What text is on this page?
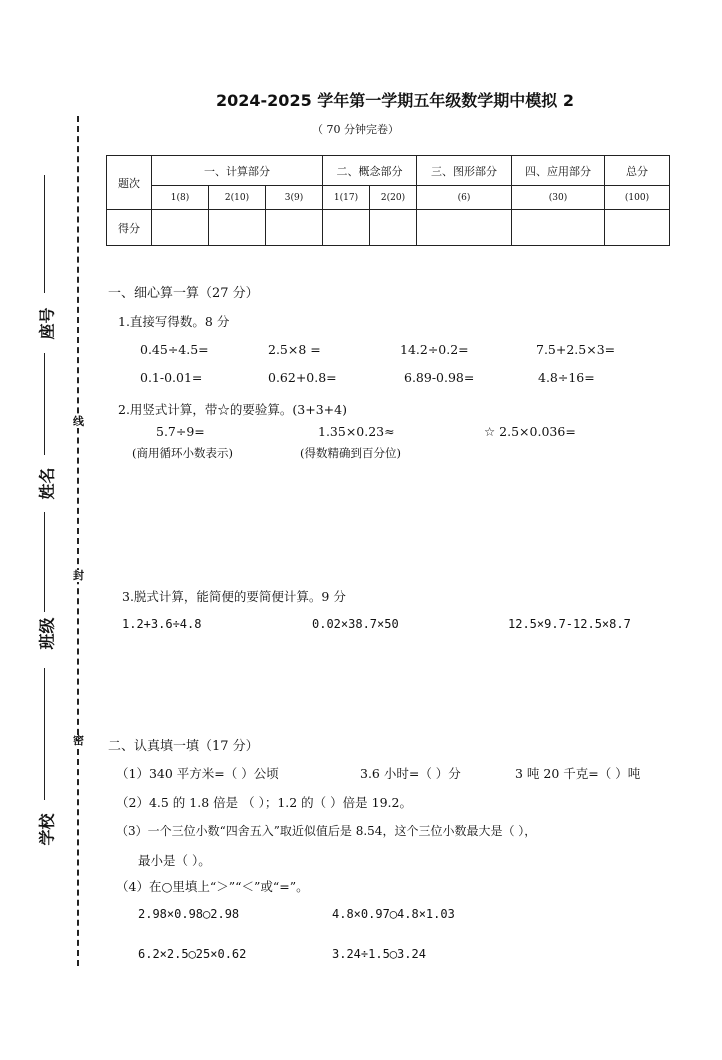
2024-2025 学年第一学期五年级数学期中模拟 2
（ 70 分钟完卷）
线
封
密
座号
姓名
班级
学校
题次	一、计算部分			二、概念部分		三、图形部分	四、应用部分	总分
	1(8)	2(10)	3(9)	1(17)	2(20)	(6)	(30)	(100)
得分								
一、细心算一算（27 分）
1.直接写得数。8 分
0.45÷4.5=	2.5×8 =	14.2÷0.2=	7.5+2.5×3=
0.1-0.01=	0.62+0.8=	6.89-0.98=	4.8÷16=
2.用竖式计算，带☆的要验算。(3+3+4)
5.7÷9=	1.35×0.23≈	☆ 2.5×0.036=
(商用循环小数表示)	(得数精确到百分位)
3.脱式计算，能简便的要简便计算。9 分
1.2+3.6÷4.8	0.02×38.7×50	12.5×9.7-12.5×8.7
二、认真填一填（17 分）
（1）340 平方米=（ ）公顷	3.6 小时=（ ）分	3 吨 20 千克=（ ）吨
（2）4.5 的 1.8 倍是 （ ）；1.2 的（ ）倍是 19.2。
（3）一个三位小数“四舍五入”取近似值后是 8.54，这个三位小数最大是（ ），
最小是（ ）。
（4）在○里填上“＞”“＜”或“=”。
2.98×0.98◯2.98	4.8×0.97◯4.8×1.03
6.2×2.5◯25×0.62	3.24÷1.5◯3.24
